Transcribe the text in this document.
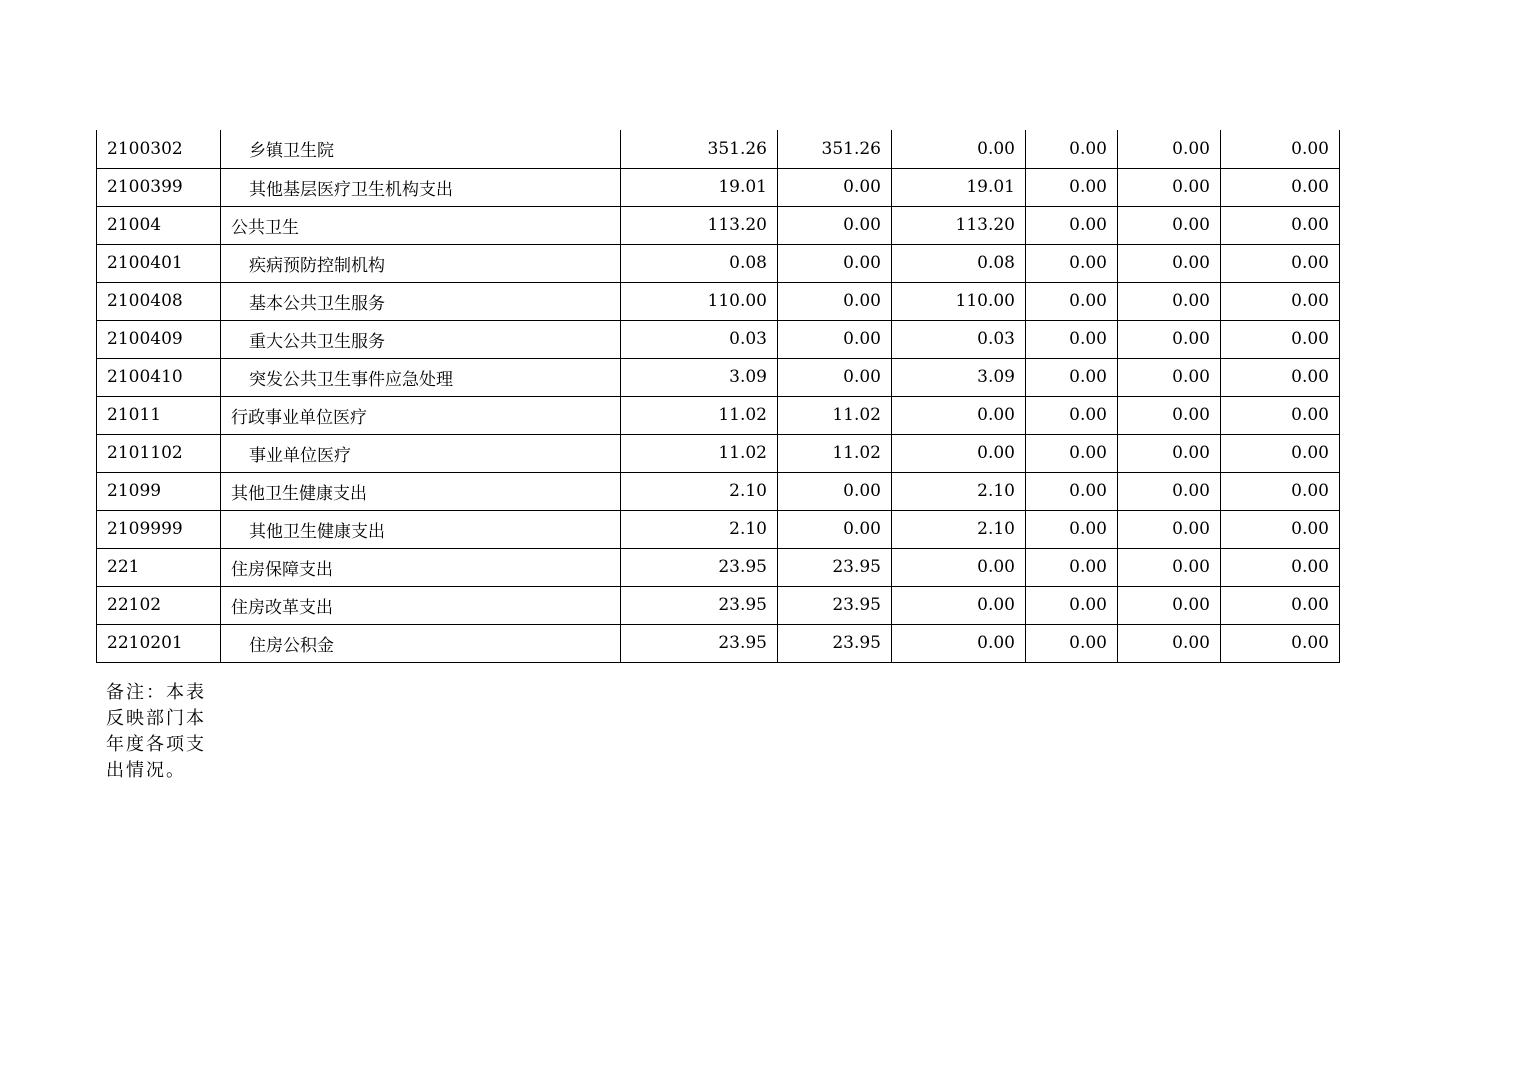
2100302	乡镇卫生院	351.26	351.26	0.00	0.00	0.00	0.00
2100399	其他基层医疗卫生机构支出	19.01	0.00	19.01	0.00	0.00	0.00
21004	公共卫生	113.20	0.00	113.20	0.00	0.00	0.00
2100401	疾病预防控制机构	0.08	0.00	0.08	0.00	0.00	0.00
2100408	基本公共卫生服务	110.00	0.00	110.00	0.00	0.00	0.00
2100409	重大公共卫生服务	0.03	0.00	0.03	0.00	0.00	0.00
2100410	突发公共卫生事件应急处理	3.09	0.00	3.09	0.00	0.00	0.00
21011	行政事业单位医疗	11.02	11.02	0.00	0.00	0.00	0.00
2101102	事业单位医疗	11.02	11.02	0.00	0.00	0.00	0.00
21099	其他卫生健康支出	2.10	0.00	2.10	0.00	0.00	0.00
2109999	其他卫生健康支出	2.10	0.00	2.10	0.00	0.00	0.00
221	住房保障支出	23.95	23.95	0.00	0.00	0.00	0.00
22102	住房改革支出	23.95	23.95	0.00	0.00	0.00	0.00
2210201	住房公积金	23.95	23.95	0.00	0.00	0.00	0.00
备注：本表反映部门本年度各项支出情况。
